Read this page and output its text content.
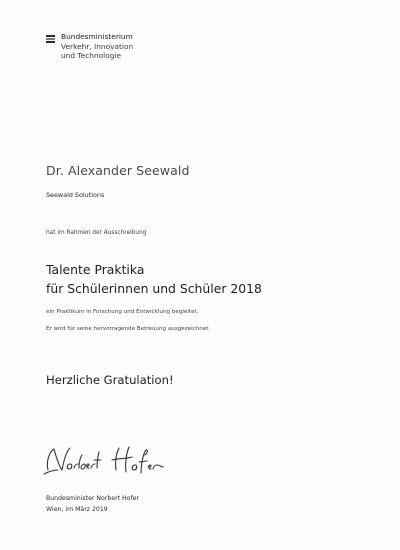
Bundesministerium
Verkehr, Innovation
und Technologie
Dr. Alexander Seewald
Seewald Solutions
hat im Rahmen der Ausschreibung
Talente Praktika
für Schülerinnen und Schüler 2018
ein Praktikum in Forschung und Entwicklung begleitet.
Er wird für seine hervorragende Betreuung ausgezeichnet.
Herzliche Gratulation!
Bundesminister Norbert Hofer
Wien, im März 2019
